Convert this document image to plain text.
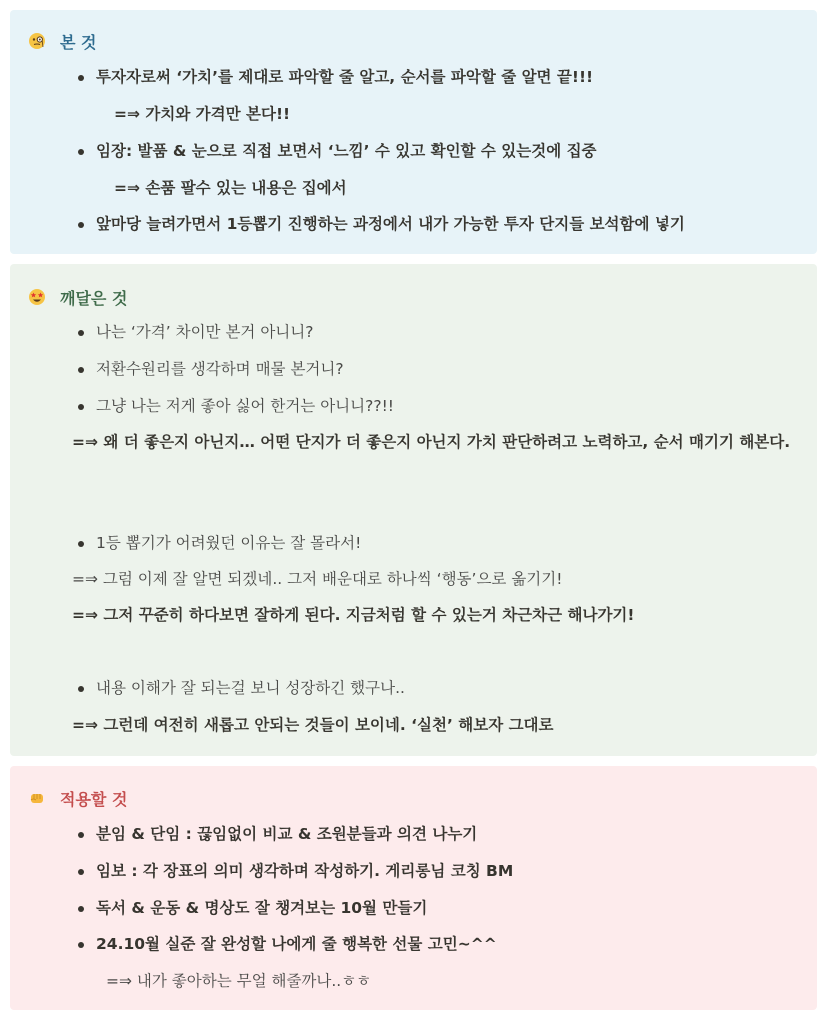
본 것
투자자로써 ‘가치’를 제대로 파악할 줄 알고, 순서를 파악할 줄 알면 끝!!!
=⇒ 가치와 가격만 본다!!
임장: 발품 & 눈으로 직접 보면서 ‘느낌’ 수 있고 확인할 수 있는것에 집중
=⇒ 손품 팔수 있는 내용은 집에서
앞마당 늘려가면서 1등뽑기 진행하는 과정에서 내가 가능한 투자 단지들 보석함에 넣기
깨달은 것
나는 ‘가격’ 차이만 본거 아니니?
저환수원리를 생각하며 매물 본거니?
그냥 나는 저게 좋아 싫어 한거는 아니니??!!
=⇒ 왜 더 좋은지 아닌지… 어떤 단지가 더 좋은지 아닌지 가치 판단하려고 노력하고, 순서 매기기 해본다.
1등 뽑기가 어려웠던 이유는 잘 몰라서!
=⇒ 그럼 이제 잘 알면 되겠네.. 그저 배운대로 하나씩 ‘행동’으로 옮기기!
=⇒ 그저 꾸준히 하다보면 잘하게 된다. 지금처럼 할 수 있는거 차근차근 해나가기!
내용 이해가 잘 되는걸 보니 성장하긴 했구나..
=⇒ 그런데 여전히 새롭고 안되는 것들이 보이네. ‘실천’ 해보자 그대로
적용할 것
분임 & 단임 : 끊임없이 비교 & 조원분들과 의견 나누기
임보 : 각 장표의 의미 생각하며 작성하기. 게리롱님 코칭 BM
독서 & 운동 & 명상도 잘 챙겨보는 10월 만들기
24.10월 실준 잘 완성할 나에게 줄 행복한 선물 고민~^^
=⇒ 내가 좋아하는 무얼 해줄까나..ㅎㅎ
